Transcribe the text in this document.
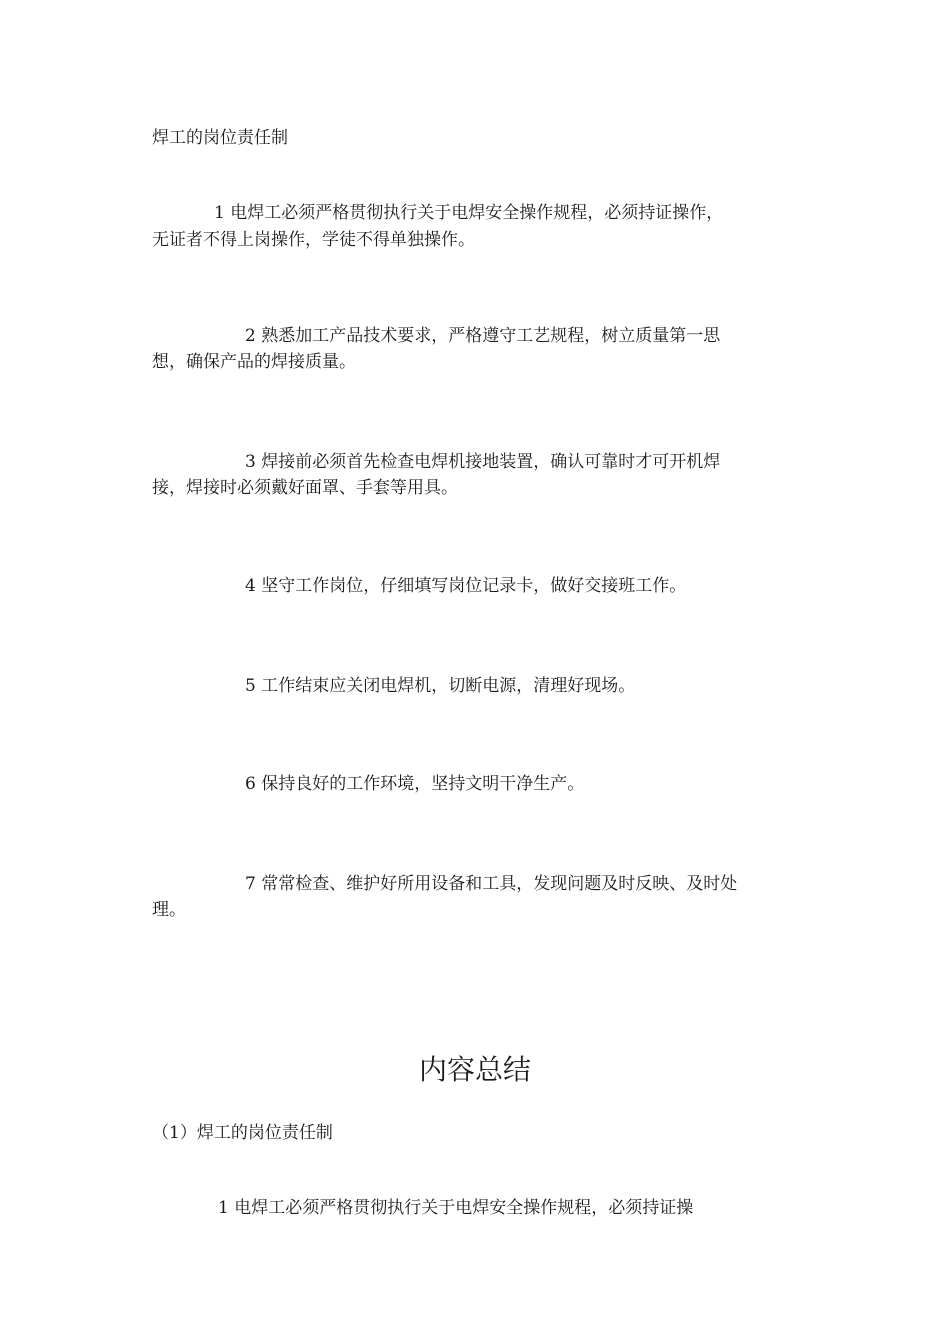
焊工的岗位责任制
1 电焊工必须严格贯彻执行关于电焊安全操作规程，必须持证操作，
无证者不得上岗操作，学徒不得单独操作。
2 熟悉加工产品技术要求，严格遵守工艺规程，树立质量第一思
想，确保产品的焊接质量。
3 焊接前必须首先检查电焊机接地装置，确认可靠时才可开机焊
接，焊接时必须戴好面罩、手套等用具。
4 坚守工作岗位，仔细填写岗位记录卡，做好交接班工作。
5 工作结束应关闭电焊机，切断电源，清理好现场。
6 保持良好的工作环境，坚持文明干净生产。
7 常常检查、维护好所用设备和工具，发现问题及时反映、及时处
理。
内容总结
（1）焊工的岗位责任制
1 电焊工必须严格贯彻执行关于电焊安全操作规程，必须持证操
